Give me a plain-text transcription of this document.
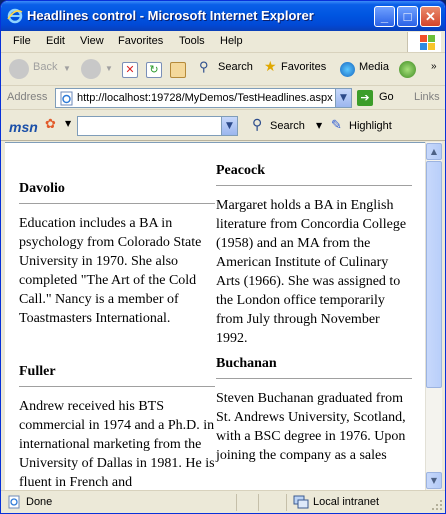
Headlines control - Microsoft Internet Explorer	_	□	✕
File Edit View Favorites Tools Help
Back ▼	▼	✕	↻	⚲ Search ★ Favorites	Media	»
Address	http://localhost:19728/MyDemos/TestHeadlines.aspx ▼	➔ Go Links
msn ✿ ▼	▼ ⚲ Search ▼ ✎ Highlight
Davolio

Education includes a BA in psychology from Colorado State University in 1970. She also completed "The Art of the Cold Call." Nancy is a member of Toastmasters International.

Fuller

Andrew received his BTS commercial in 1974 and a Ph.D. in international marketing from the University of Dallas in 1981. He is fluent in French and

Peacock

Margaret holds a BA in English literature from Concordia College (1958) and an MA from the American Institute of Culinary Arts (1966). She was assigned to the London office temporarily from July through November 1992.

Buchanan

Steven Buchanan graduated from St. Andrews University, Scotland, with a BSC degree in 1976. Upon joining the company as a sales

▲
▼
Done	Local intranet
